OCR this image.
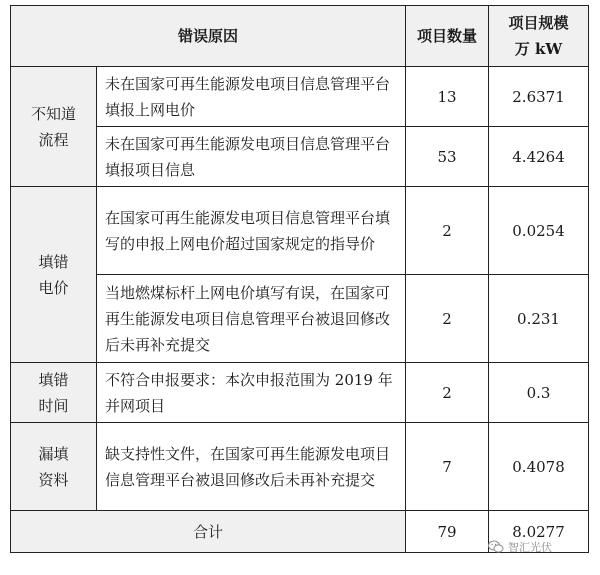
错误原因		项目数量	项目规模
万 kW

不知道流程	未在国家可再生能源发电项目信息管理平台填报上网电价	13	2.6371
	未在国家可再生能源发电项目信息管理平台填报项目信息	53	4.4264
填错电价	在国家可再生能源发电项目信息管理平台填写的申报上网电价超过国家规定的指导价	2	0.0254
	当地燃煤标杆上网电价填写有误，在国家可再生能源发电项目信息管理平台被退回修改后未再补充提交	2	0.231
填错时间	不符合申报要求：本次申报范围为 2019 年并网项目	2	0.3
漏填资料	缺支持性文件，在国家可再生能源发电项目信息管理平台被退回修改后未再补充提交	7	0.4078
合计		79	8.0277
智汇光伏
